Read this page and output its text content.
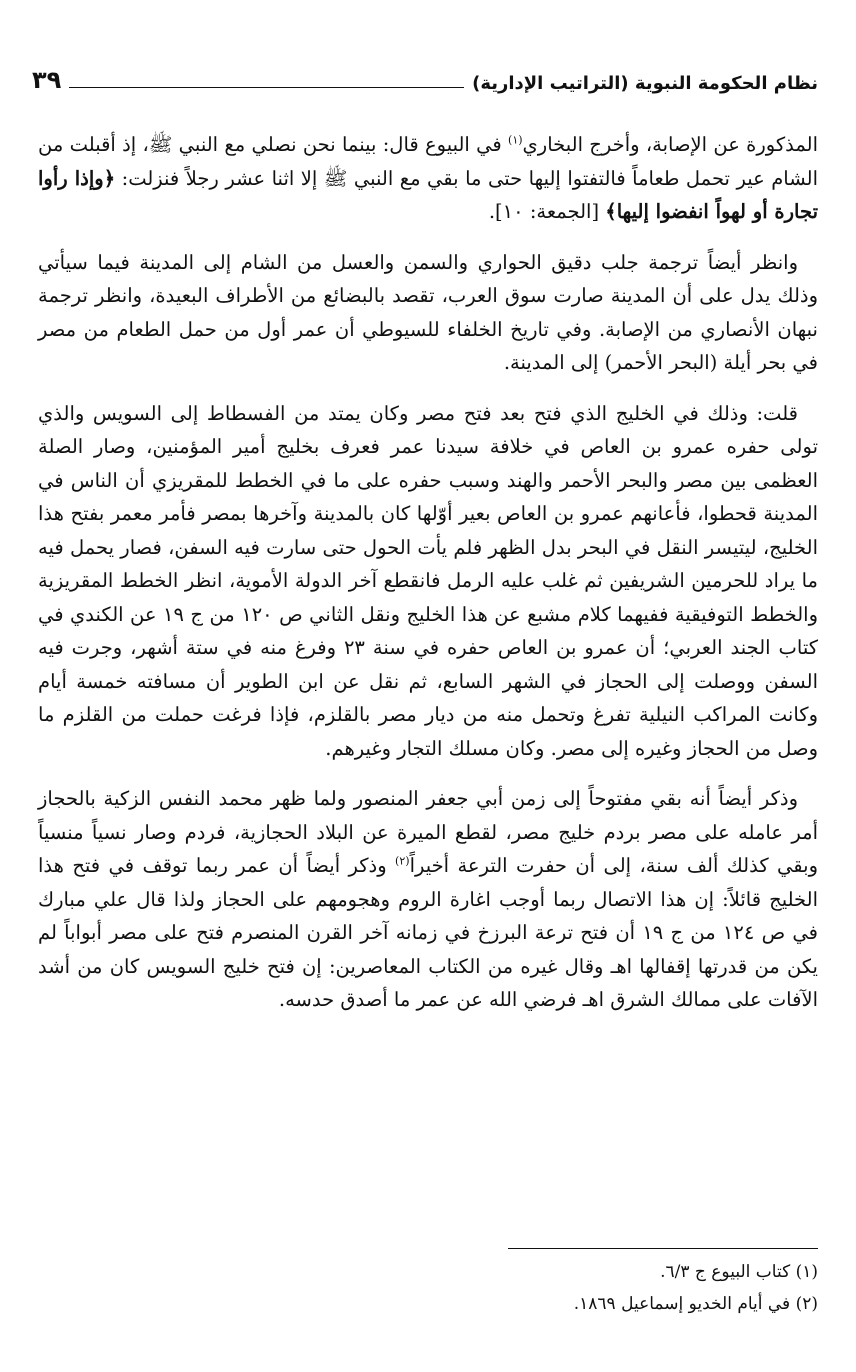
نظام الحكومة النبوية (التراتيب الإدارية)
٣٩

المذكورة عن الإصابة، وأخرج البخاري$^{(١)}$ في البيوع قال: بينما نحن نصلي مع النبي ﷺ، إذ أقبلت من الشام عير تحمل طعاماً فالتفتوا إليها حتى ما بقي مع النبي ﷺ إلا اثنا عشر رجلاً فنزلت: ﴿وإذا رأوا تجارة أو لهواً انفضوا إليها﴾ [الجمعة: ١٠].

وانظر أيضاً ترجمة جلب دقيق الحواري والسمن والعسل من الشام إلى المدينة فيما سيأتي وذلك يدل على أن المدينة صارت سوق العرب، تقصد بالبضائع من الأطراف البعيدة، وانظر ترجمة نبهان الأنصاري من الإصابة. وفي تاريخ الخلفاء للسيوطي أن عمر أول من حمل الطعام من مصر في بحر أيلة (البحر الأحمر) إلى المدينة.

قلت: وذلك في الخليج الذي فتح بعد فتح مصر وكان يمتد من الفسطاط إلى السويس والذي تولى حفره عمرو بن العاص في خلافة سيدنا عمر فعرف بخليج أمير المؤمنين، وصار الصلة العظمى بين مصر والبحر الأحمر والهند وسبب حفره على ما في الخطط للمقريزي أن الناس في المدينة قحطوا، فأعانهم عمرو بن العاص بعير أوّلها كان بالمدينة وآخرها بمصر فأمر معمر بفتح هذا الخليج، ليتيسر النقل في البحر بدل الظهر فلم يأت الحول حتى سارت فيه السفن، فصار يحمل فيه ما يراد للحرمين الشريفين ثم غلب عليه الرمل فانقطع آخر الدولة الأموية، انظر الخطط المقريزية والخطط التوفيقية ففيهما كلام مشبع عن هذا الخليج ونقل الثاني ص ١٢٠ من ج ١٩ عن الكندي في كتاب الجند العربي؛ أن عمرو بن العاص حفره في سنة ٢٣ وفرغ منه في ستة أشهر، وجرت فيه السفن ووصلت إلى الحجاز في الشهر السابع، ثم نقل عن ابن الطوير أن مسافته خمسة أيام وكانت المراكب النيلية تفرغ وتحمل منه من ديار مصر بالقلزم، فإذا فرغت حملت من القلزم ما وصل من الحجاز وغيره إلى مصر. وكان مسلك التجار وغيرهم.

وذكر أيضاً أنه بقي مفتوحاً إلى زمن أبي جعفر المنصور ولما ظهر محمد النفس الزكية بالحجاز أمر عامله على مصر بردم خليج مصر، لقطع الميرة عن البلاد الحجازية، فردم وصار نسياً منسياً وبقي كذلك ألف سنة، إلى أن حفرت الترعة أخيراً$^{(٢)}$ وذكر أيضاً أن عمر ربما توقف في فتح هذا الخليج قائلاً: إن هذا الاتصال ربما أوجب اغارة الروم وهجومهم على الحجاز ولذا قال علي مبارك في ص ١٢٤ من ج ١٩ أن فتح ترعة البرزخ في زمانه آخر القرن المنصرم فتح على مصر أبواباً لم يكن من قدرتها إقفالها اهـ وقال غيره من الكتاب المعاصرين: إن فتح خليج السويس كان من أشد الآفات على ممالك الشرق اهـ فرضي الله عن عمر ما أصدق حدسه.

(١) كتاب البيوع ج ٦/٣.
(٢) في أيام الخديو إسماعيل ١٨٦٩.
